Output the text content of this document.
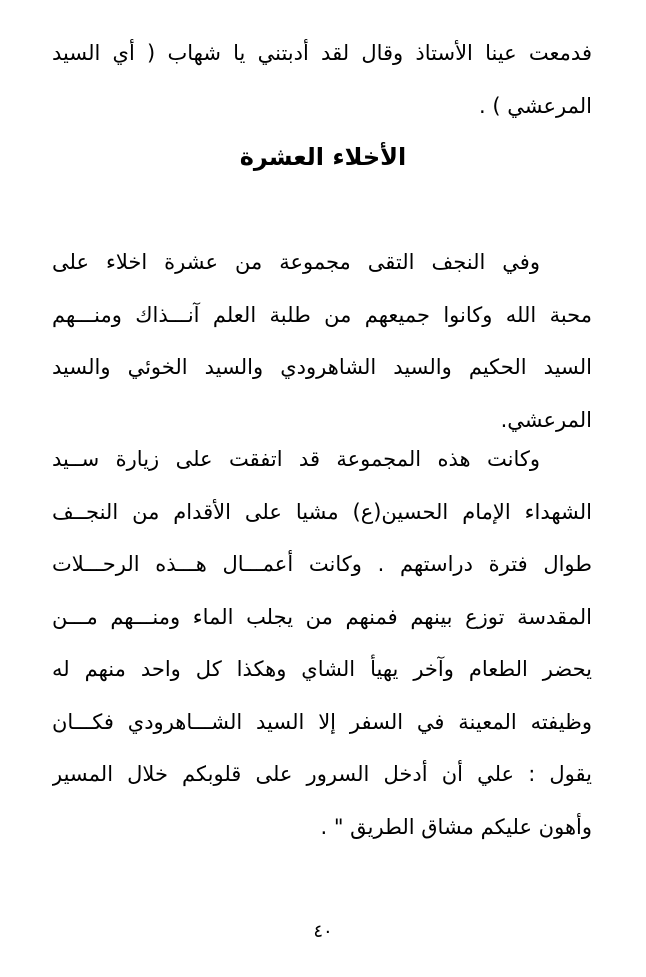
فدمعت عينا الأستاذ وقال لقد أدبتني يا شهاب ( أي السيد
المرعشي ) .
الأخلاء العشرة
وفي النجف التقى مجموعة من عشرة اخلاء على
محبة الله وكانوا جميعهم من طلبة العلم آنـــذاك ومنـــهم
السيد الحكيم والسيد الشاهرودي والسيد الخوئي والسيد
المرعشي.
وكانت هذه المجموعة قد اتفقت على زيارة ســيد
الشهداء الإمام الحسين(ع) مشيا على الأقدام من النجــف
طوال فترة دراستهم . وكانت أعمـــال هـــذه الرحـــلات
المقدسة توزع بينهم فمنهم من يجلب الماء ومنـــهم مـــن
يحضر الطعام وآخر يهيأ الشاي وهكذا كل واحد منهم له
وظيفته المعينة في السفر إلا السيد الشـــاهرودي فكـــان
يقول : علي أن أدخل السرور على قلوبكم خلال المسير
وأهون عليكم مشاق الطريق " .
٤٠
